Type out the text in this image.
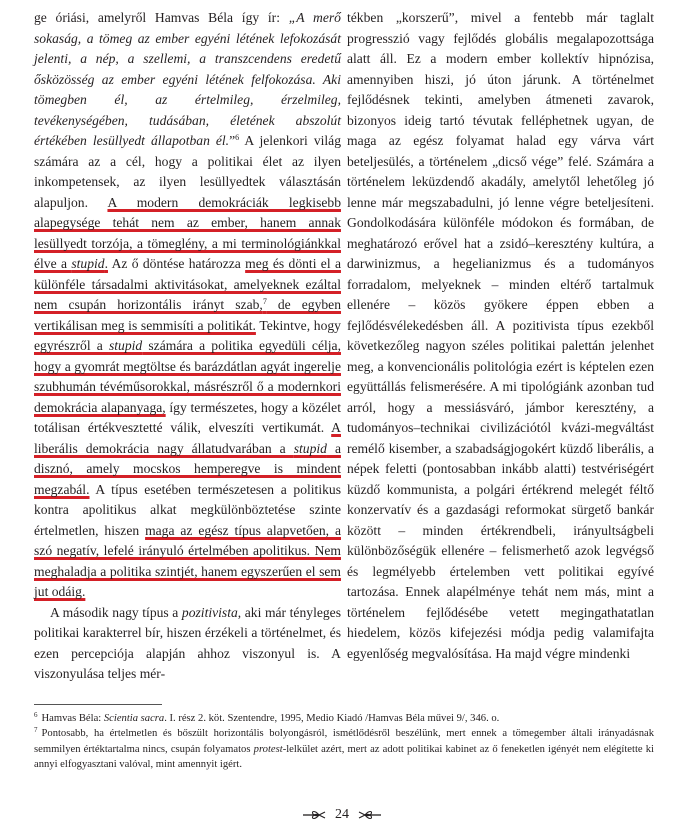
ge óriási, amelyről Hamvas Béla így ír: „A merő sokaság, a tömeg az ember egyéni létének lefokozását jelenti, a nép, a szellemi, a transzcendens eredetű ősközösség az ember egyéni létének felfokozása. Aki tömegben él, az értelmileg, érzelmileg, tevékenységében, tudásában, életének abszolút értékében lesüllyedt állapotban él.”$^6$ A jelenkori világ számára az a cél, hogy a politikai élet az ilyen inkompetensek, az ilyen lesüllyedtek választásán alapuljon. A modern demokráciák legkisebb alapegysége tehát nem az ember, hanem annak lesüllyedt torzója, a tömeglény, a mi terminológiánkkal élve a stupid. Az ő döntése határozza meg és dönti el a különféle társadalmi aktivitásokat, amelyeknek ezáltal nem csupán horizontális irányt szab,$^7$ de egyben vertikálisan meg is semmisíti a politikát. Tekintve, hogy egyrészről a stupid számára a politika egyedüli célja, hogy a gyomrát megtöltse és barázdátlan agyát ingerelje szubhumán tévéműsorokkal, másrészről ő a modernkori demokrácia alapanyaga, így természetes, hogy a közélet totálisan értékvesztetté válik, elveszíti vertikumát. A liberális demokrácia nagy állatudvarában a stupid a disznó, amely mocskos hemperegve is mindent megzabál. A típus esetében természetesen a politikus kontra apolitikus alkat megkülönböztetése szinte értelmetlen, hiszen maga az egész típus alapvetően, a szó negatív, lefelé irányuló értelmében apolitikus. Nem meghaladja a politika szintjét, hanem egyszerűen el sem jut odáig.

A második nagy típus a pozitivista, aki már tényleges politikai karakterrel bír, hiszen érzékeli a történelmet, és ezen percepciója alapján ahhoz viszonyul is. A viszonyulása teljes mér-

tékben „korszerű”, mivel a fentebb már taglalt progresszió vagy fejlődés globális megalapozottsága alatt áll. Ez a modern ember kollektív hipnózisa, amennyiben hiszi, jó úton járunk. A történelmet fejlődésnek tekinti, amelyben átmeneti zavarok, bizonyos ideig tartó tévutak felléphetnek ugyan, de maga az egész folyamat halad egy várva várt beteljesülés, a történelem „dicső vége” felé. Számára a történelem leküzdendő akadály, amelytől lehetőleg jó lenne már megszabadulni, jó lenne végre beteljesíteni. Gondolkodására különféle módokon és formában, de meghatározó erővel hat a zsidó–keresztény kultúra, a darwinizmus, a hegelianizmus és a tudományos forradalom, melyeknek – minden eltérő tartalmuk ellenére – közös gyökere éppen ebben a fejlődésvélekedésben áll. A pozitivista típus ezekből következőleg nagyon széles politikai palettán jelenhet meg, a konvencionális politológia ezért is képtelen ezen együttállás felismerésére. A mi tipológiánk azonban tud arról, hogy a messiásváró, jámbor keresztény, a tudományos–technikai civilizációtól kvázi-megváltást remélő kisember, a szabadságjogokért küzdő liberális, a népek feletti (pontosabban inkább alatti) testvériségért küzdő kommunista, a polgári értékrend melegét féltő konzervatív és a gazdasági reformokat sürgető bankár között – minden értékrendbeli, irányultságbeli különbözőségük ellenére – felismerhető azok legvégső és legmélyebb értelemben vett politikai egyívé tartozása. Ennek alapélménye tehát nem más, mint a történelem fejlődésébe vetett megingathatatlan hiedelem, közös kifejezési módja pedig valamifajta egyenlőség megvalósítása. Ha majd végre mindenki

$^6$ Hamvas Béla: Scientia sacra. I. rész 2. köt. Szentendre, 1995, Medio Kiadó /Hamvas Béla művei 9/, 346. o.

$^7$ Pontosabb, ha értelmetlen és bőszült horizontális bolyongásról, ismétlődésről beszélünk, mert ennek a tömegember általi irányadásnak semmilyen értéktartalma nincs, csupán folyamatos protest-lelkület azért, mert az adott politikai kabinet az ő feneketlen igényét nem elégítette ki annyi elfogyasztani valóval, mint amennyit igért.

24
